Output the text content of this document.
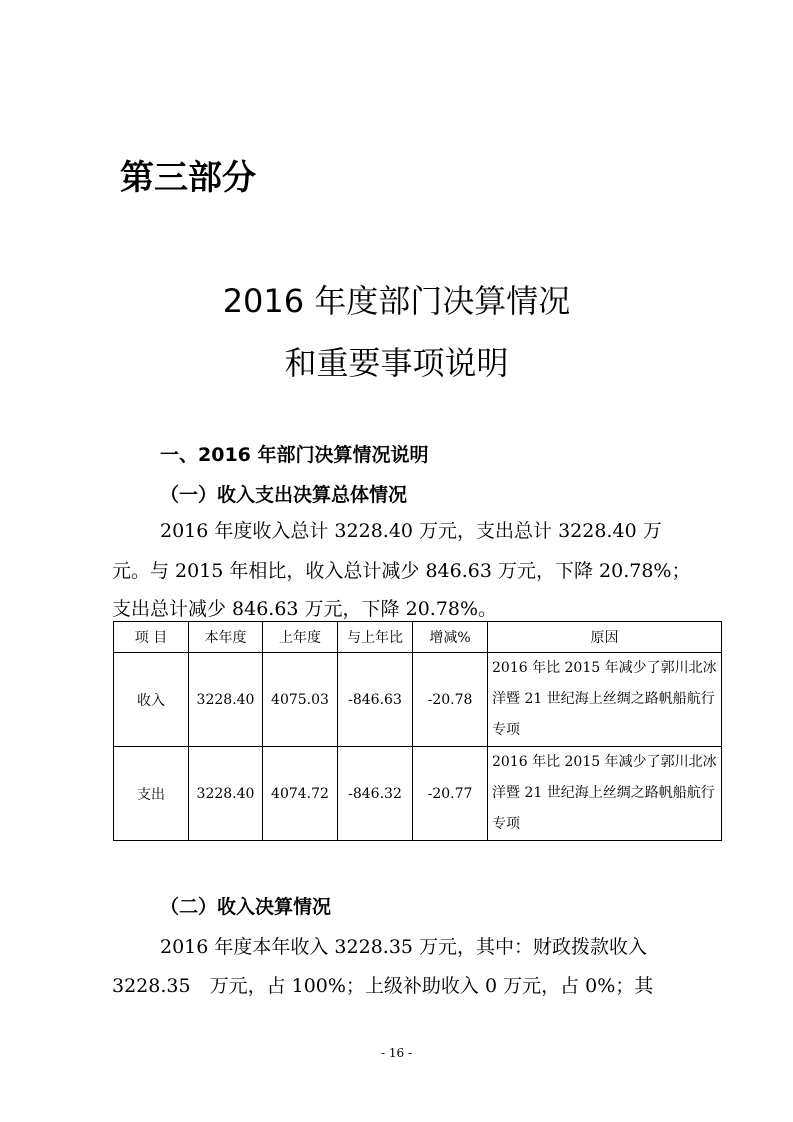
第三部分
2016 年度部门决算情况
和重要事项说明
一、2016 年部门决算情况说明
（一）收入支出决算总体情况
2016 年度收入总计 3228.40 万元，支出总计 3228.40 万
元。与 2015 年相比，收入总计减少 846.63 万元，下降 20.78%；
支出总计减少 846.63 万元，下降 20.78%。
项 目	本年度	上年度	与上年比	增减%	原因
收入	3228.40	4075.03	-846.63	-20.78	2016 年比 2015 年减少了郭川北冰洋暨 21 世纪海上丝绸之路帆船航行专项
支出	3228.40	4074.72	-846.32	-20.77	2016 年比 2015 年减少了郭川北冰洋暨 21 世纪海上丝绸之路帆船航行专项
（二）收入决算情况
2016 年度本年收入 3228.35 万元，其中：财政拨款收入
3228.35　万元，占 100%；上级补助收入 0 万元，占 0%；其
- 16 -
